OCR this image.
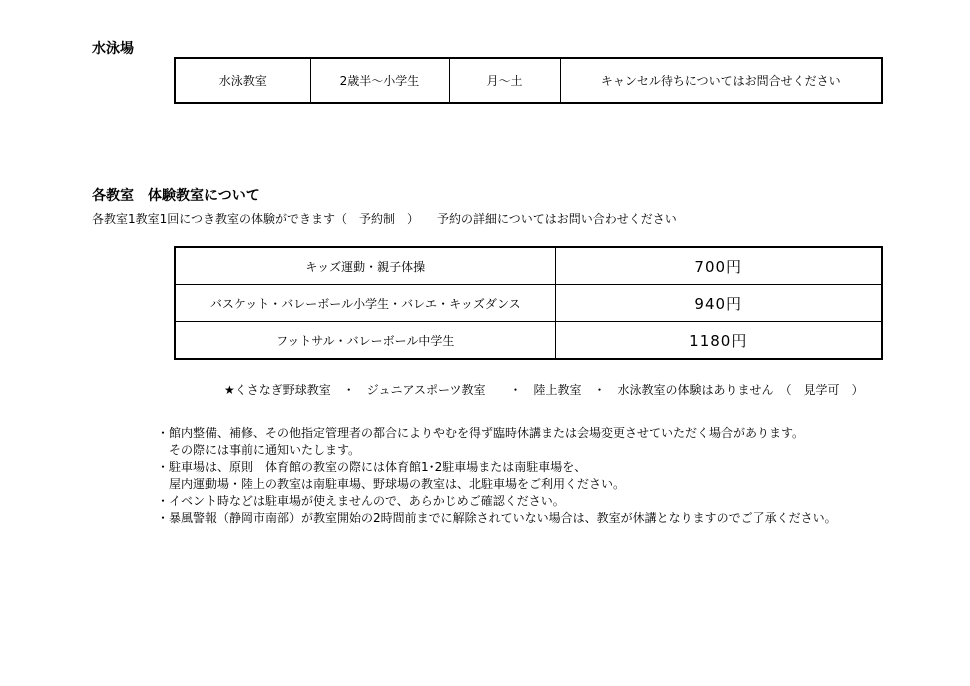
水泳場
水泳教室	2歳半～小学生	月～土	キャンセル待ちについてはお問合せください
各教室　体験教室について
各教室1教室1回につき教室の体験ができます（　予約制　）　　予約の詳細についてはお問い合わせください
キッズ運動・親子体操	700円
バスケット・バレーボール小学生・バレエ・キッズダンス	940円
フットサル・バレーボール中学生	1180円
★くさなぎ野球教室　・　ジュニアスポーツ教室　　・　陸上教室　・　水泳教室の体験はありません　（　見学可　）
・館内整備、補修、その他指定管理者の都合によりやむを得ず臨時休講または会場変更させていただく場合があります。
　その際には事前に通知いたします。
・駐車場は、原則　体育館の教室の際には体育館1･2駐車場または南駐車場を、
　屋内運動場・陸上の教室は南駐車場、野球場の教室は、北駐車場をご利用ください。
・イベント時などは駐車場が使えませんので、あらかじめご確認ください。
・暴風警報（静岡市南部）が教室開始の2時間前までに解除されていない場合は、教室が休講となりますのでご了承ください。
